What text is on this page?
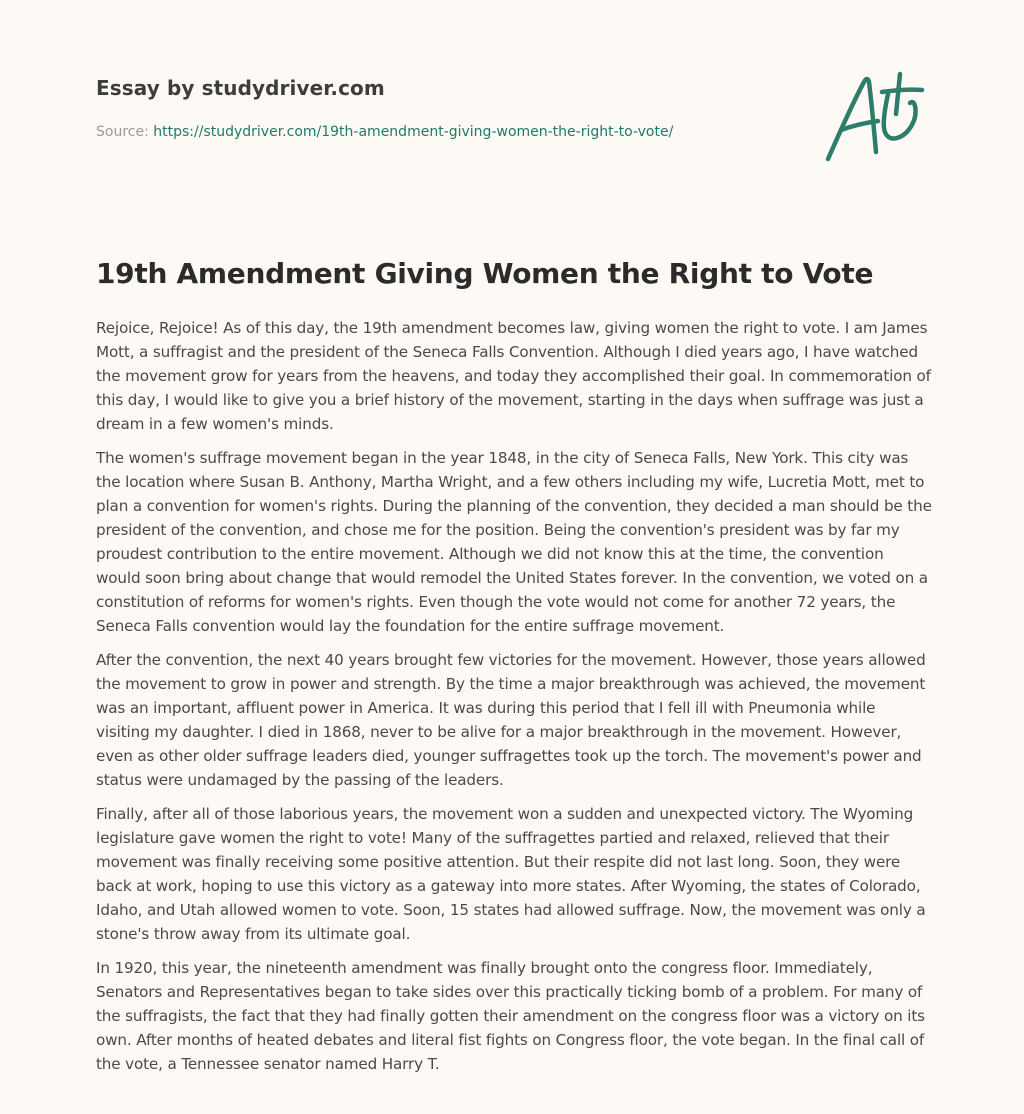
Essay by studydriver.com
Source: https://studydriver.com/19th-amendment-giving-women-the-right-to-vote/
19th Amendment Giving Women the Right to Vote

Rejoice, Rejoice! As of this day, the 19th amendment becomes law, giving women the right to vote. I am James Mott, a suffragist and the president of the Seneca Falls Convention. Although I died years ago, I have watched the movement grow for years from the heavens, and today they accomplished their goal. In commemoration of this day, I would like to give you a brief history of the movement, starting in the days when suffrage was just a dream in a few women's minds.

The women's suffrage movement began in the year 1848, in the city of Seneca Falls, New York. This city was the location where Susan B. Anthony, Martha Wright, and a few others including my wife, Lucretia Mott, met to plan a convention for women's rights. During the planning of the convention, they decided a man should be the president of the convention, and chose me for the position. Being the convention's president was by far my proudest contribution to the entire movement. Although we did not know this at the time, the convention would soon bring about change that would remodel the United States forever. In the convention, we voted on a constitution of reforms for women's rights. Even though the vote would not come for another 72 years, the Seneca Falls convention would lay the foundation for the entire suffrage movement.

After the convention, the next 40 years brought few victories for the movement. However, those years allowed the movement to grow in power and strength. By the time a major breakthrough was achieved, the movement was an important, affluent power in America. It was during this period that I fell ill with Pneumonia while visiting my daughter. I died in 1868, never to be alive for a major breakthrough in the movement. However, even as other older suffrage leaders died, younger suffragettes took up the torch. The movement's power and status were undamaged by the passing of the leaders.

Finally, after all of those laborious years, the movement won a sudden and unexpected victory. The Wyoming legislature gave women the right to vote! Many of the suffragettes partied and relaxed, relieved that their movement was finally receiving some positive attention. But their respite did not last long. Soon, they were back at work, hoping to use this victory as a gateway into more states. After Wyoming, the states of Colorado, Idaho, and Utah allowed women to vote. Soon, 15 states had allowed suffrage. Now, the movement was only a stone's throw away from its ultimate goal.

In 1920, this year, the nineteenth amendment was finally brought onto the congress floor. Immediately, Senators and Representatives began to take sides over this practically ticking bomb of a problem. For many of the suffragists, the fact that they had finally gotten their amendment on the congress floor was a victory on its own. After months of heated debates and literal fist fights on Congress floor, the vote began. In the final call of the vote, a Tennessee senator named Harry T.
